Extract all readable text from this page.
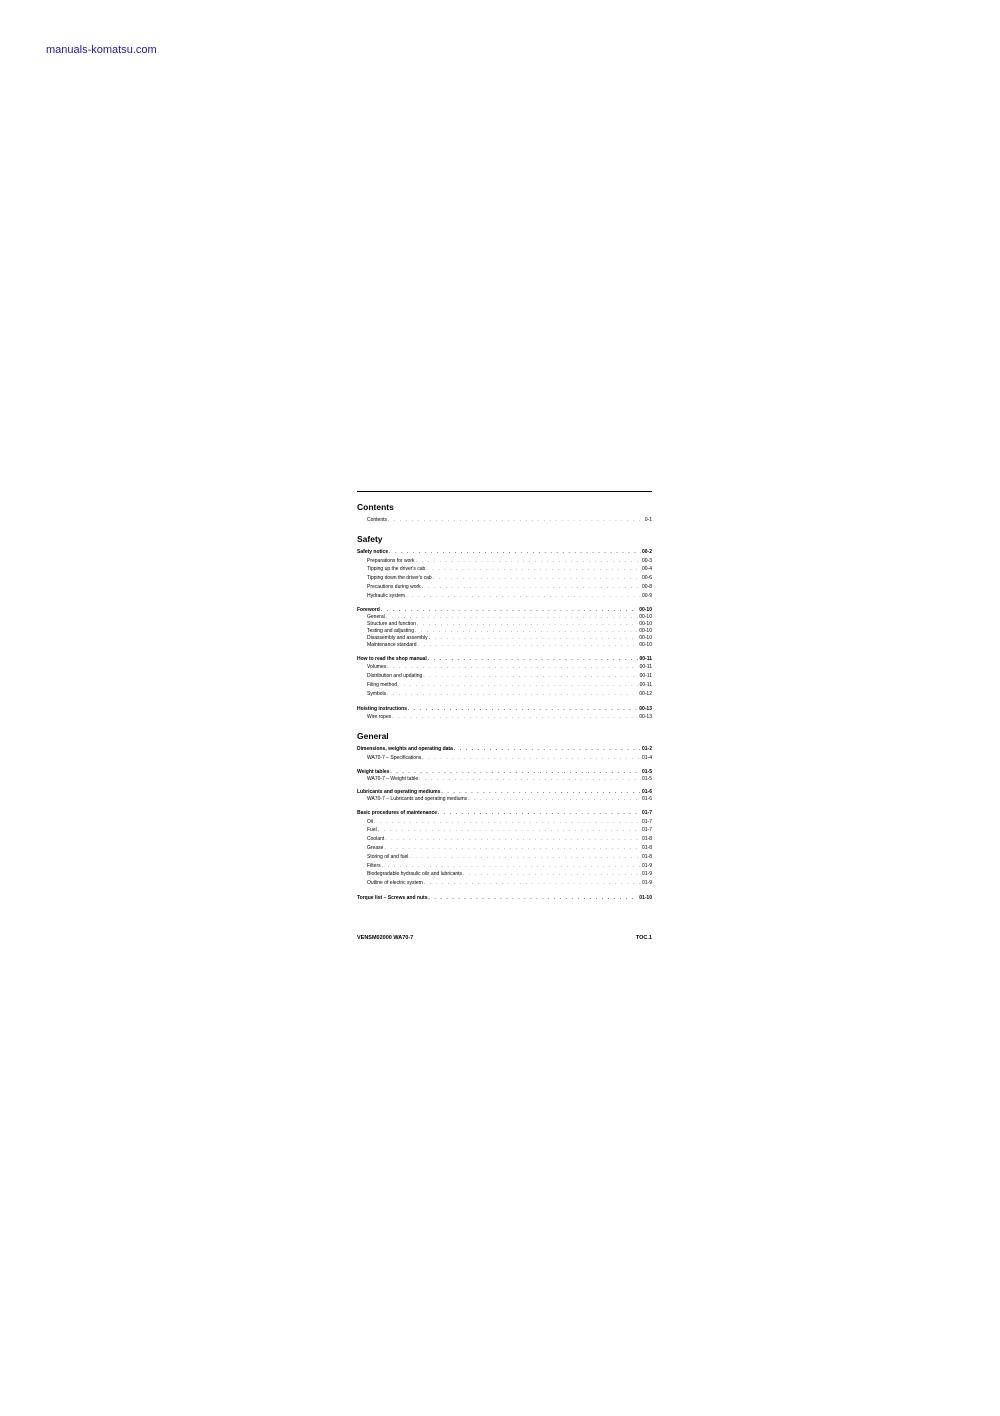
manuals-komatsu.com
Contents
Contents . . .	0-1
Safety
Safety notice . . .	00-2
Preparations for work . . .	00-3
Tipping up the driver's cab . . .	00-4
Tipping down the driver's cab . . .	00-6
Precautions during work . . .	00-8
Hydraulic system . . .	00-9
Foreword . . .	00-10
General . . .	00-10
Structure and function . . .	00-10
Testing and adjusting . . .	00-10
Disassembly and assembly . . .	00-10
Maintenance standard . . .	00-10
How to read the shop manual . . .	00-11
Volumes . . .	00-11
Distribution and updating . . .	00-11
Filing method . . .	00-11
Symbols . . .	00-12
Hoisting instructions . . .	00-13
Wire ropes . . .	00-13
General
Dimensions, weights and operating data . . .	01-2
WA70-7 – Specifications . . .	01-4
Weight tables . . .	01-5
WA70-7 – Weight table . . .	01-5
Lubricants and operating mediums . . .	01-6
WA70-7 – Lubricants and operating mediums . . .	01-6
Basic procedures of maintenance . . .	01-7
Oil . . .	01-7
Fuel . . .	01-7
Coolant . . .	01-8
Grease . . .	01-8
Storing oil and fuel . . .	01-8
Filters . . .	01-9
Biodegradable hydraulic oils and lubricants . . .	01-9
Outline of electric system . . .	01-9
Torque list – Screws and nuts . . .	01-10
VENSM02000 WA70-7	TOC.1
